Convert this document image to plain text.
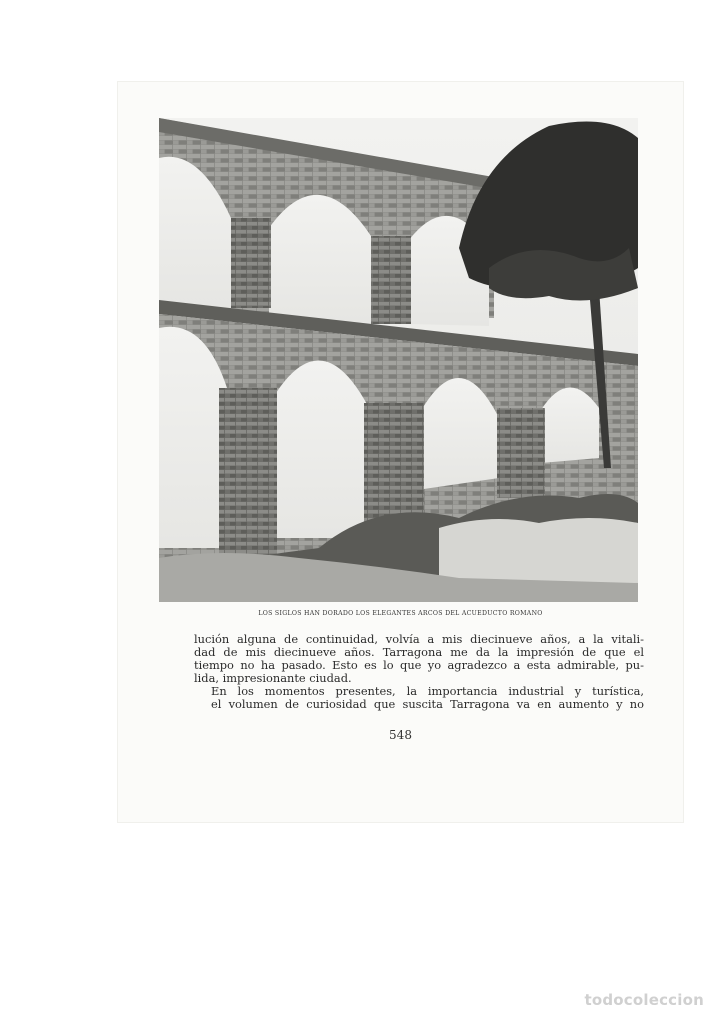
LOS SIGLOS HAN DORADO LOS ELEGANTES ARCOS DEL ACUEDUCTO ROMANO

lución alguna de continuidad, volvía a mis diecinueve años, a la vitali-
dad de mis diecinueve años. Tarragona me da la impresión de que el
tiempo no ha pasado. Esto es lo que yo agradezco a esta admirable, pu-
lida, impresionante ciudad.

En los momentos presentes, la importancia industrial y turística,
el volumen de curiosidad que suscita Tarragona va en aumento y no

548
todocoleccion
